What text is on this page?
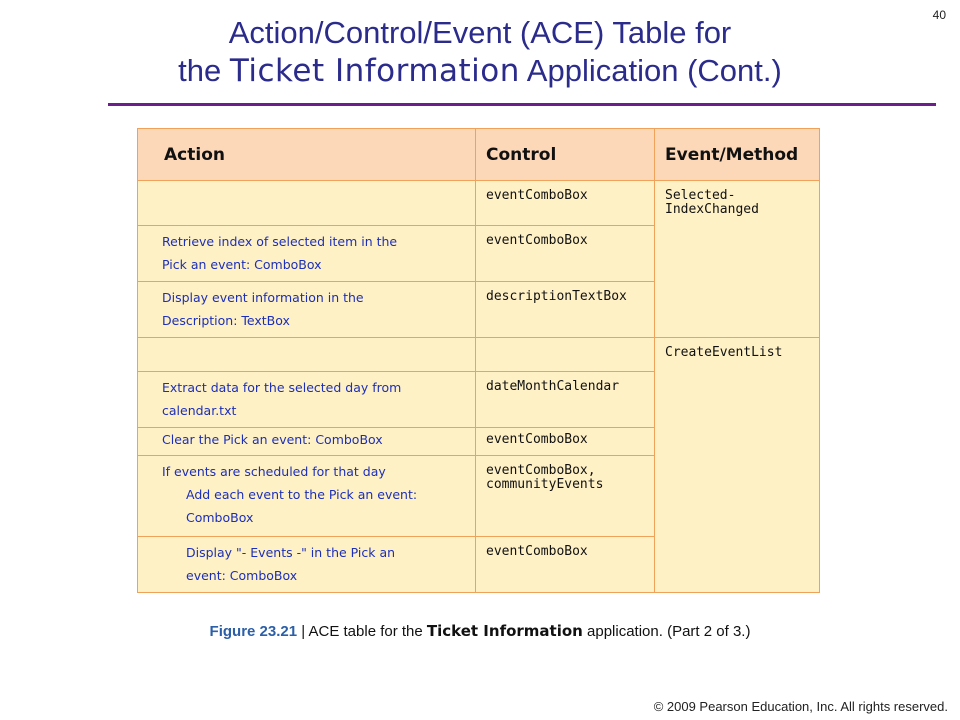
40
Action/Control/Event (ACE) Table for
the Ticket Information Application (Cont.)
Action	Control	Event/Method

	eventComboBox	Selected-
IndexChanged

Retrieve index of selected item in the
Pick an event: ComboBox	eventComboBox	

Display event information in the
Description: TextBox	descriptionTextBox	

		CreateEventList

Extract data for the selected day from
calendar.txt	dateMonthCalendar	

Clear the Pick an event: ComboBox	eventComboBox	

If events are scheduled for that day
Add each event to the Pick an event:
ComboBox	eventComboBox,
communityEvents	

Display "- Events -" in the Pick an
event: ComboBox	eventComboBox	
Figure 23.21 | ACE table for the Ticket Information application. (Part 2 of 3.)
© 2009 Pearson Education, Inc. All rights reserved.
